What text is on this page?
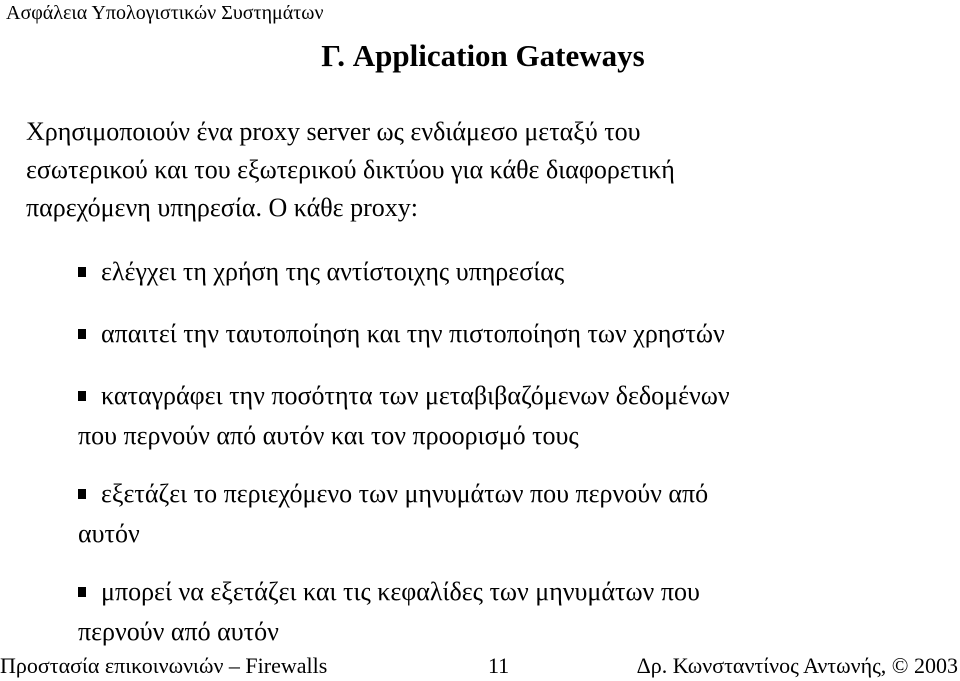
Ασφάλεια Υπολογιστικών Συστημάτων
Γ. Application Gateways
Χρησιμοποιούν ένα proxy server ως ενδιάμεσο μεταξύ του
εσωτερικού και του εξωτερικού δικτύου για κάθε διαφορετική
παρεχόμενη υπηρεσία. Ο κάθε proxy:
ελέγχει τη χρήση της αντίστοιχης υπηρεσίας
απαιτεί την ταυτοποίηση και την πιστοποίηση των χρηστών
καταγράφει την ποσότητα των μεταβιβαζόμενων δεδομένων
που περνούν από αυτόν και τον προορισμό τους
εξετάζει το περιεχόμενο των μηνυμάτων που περνούν από
αυτόν
μπορεί να εξετάζει και τις κεφαλίδες των μηνυμάτων που
περνούν από αυτόν
Προστασία επικοινωνιών – Firewalls	11	Δρ. Κωνσταντίνος Αντωνής, © 2003
